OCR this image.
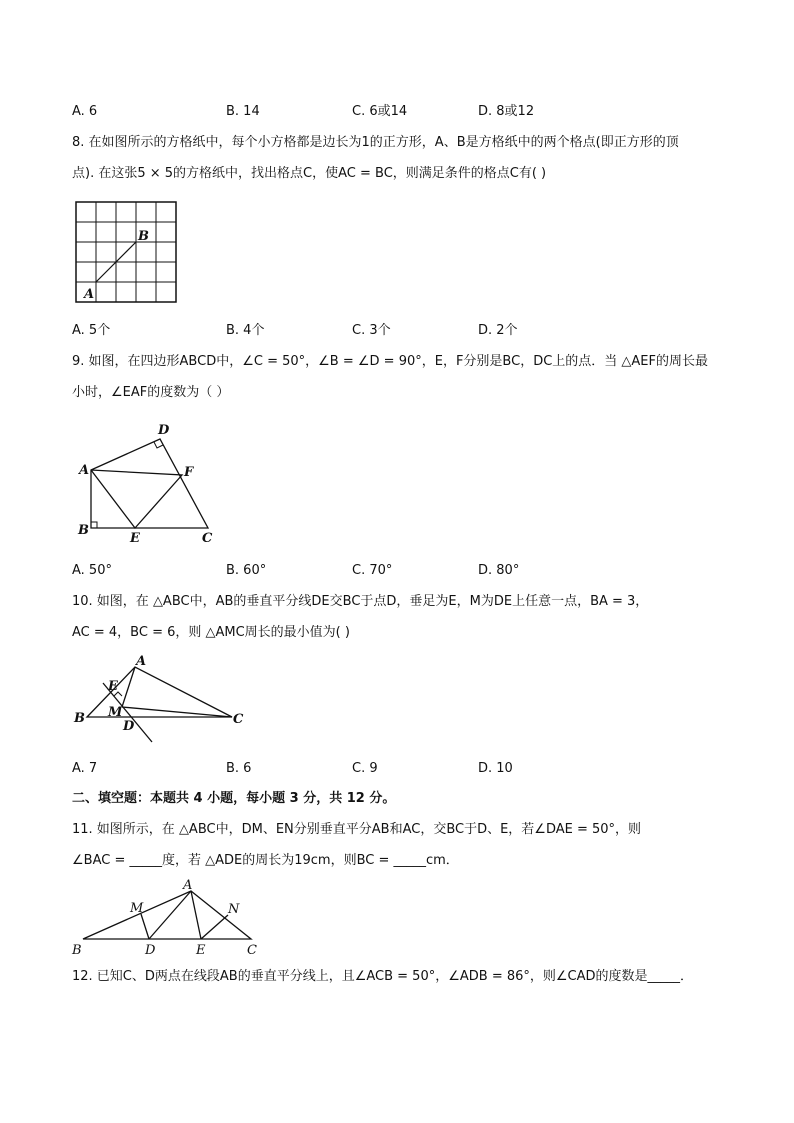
A. 6	B. 14	C. 6或14	D. 8或12
8. 在如图所示的方格纸中，每个小方格都是边长为1的正方形，A、B是方格纸中的两个格点(即正方形的顶
点). 在这张5 × 5的方格纸中，找出格点C，使AC = BC，则满足条件的格点C有( )
A
B
A. 5个	B. 4个	C. 3个	D. 2个
9. 如图，在四边形ABCD中，∠C = 50°，∠B = ∠D = 90°，E，F分别是BC，DC上的点．当 △AEF的周长最
小时，∠EAF的度数为（ ）
A
D
F
B
E	C
A. 50°	B. 60°	C. 70°	D. 80°
10. 如图，在 △ABC中，AB的垂直平分线DE交BC于点D，垂足为E，M为DE上任意一点，BA = 3，
AC = 4，BC = 6，则 △AMC周长的最小值为( )
A
E
B M
D	C
A. 7	B. 6	C. 9	D. 10
二、填空题：本题共 4 小题，每小题 3 分，共 12 分。
11. 如图所示，在 △ABC中，DM、EN分别垂直平分AB和AC，交BC于D、E，若∠DAE = 50°，则
∠BAC = _____度，若 △ADE的周长为19cm，则BC = _____cm．
A
M	N
B	D	E	C
12. 已知C、D两点在线段AB的垂直平分线上，且∠ACB = 50°，∠ADB = 86°，则∠CAD的度数是_____．
